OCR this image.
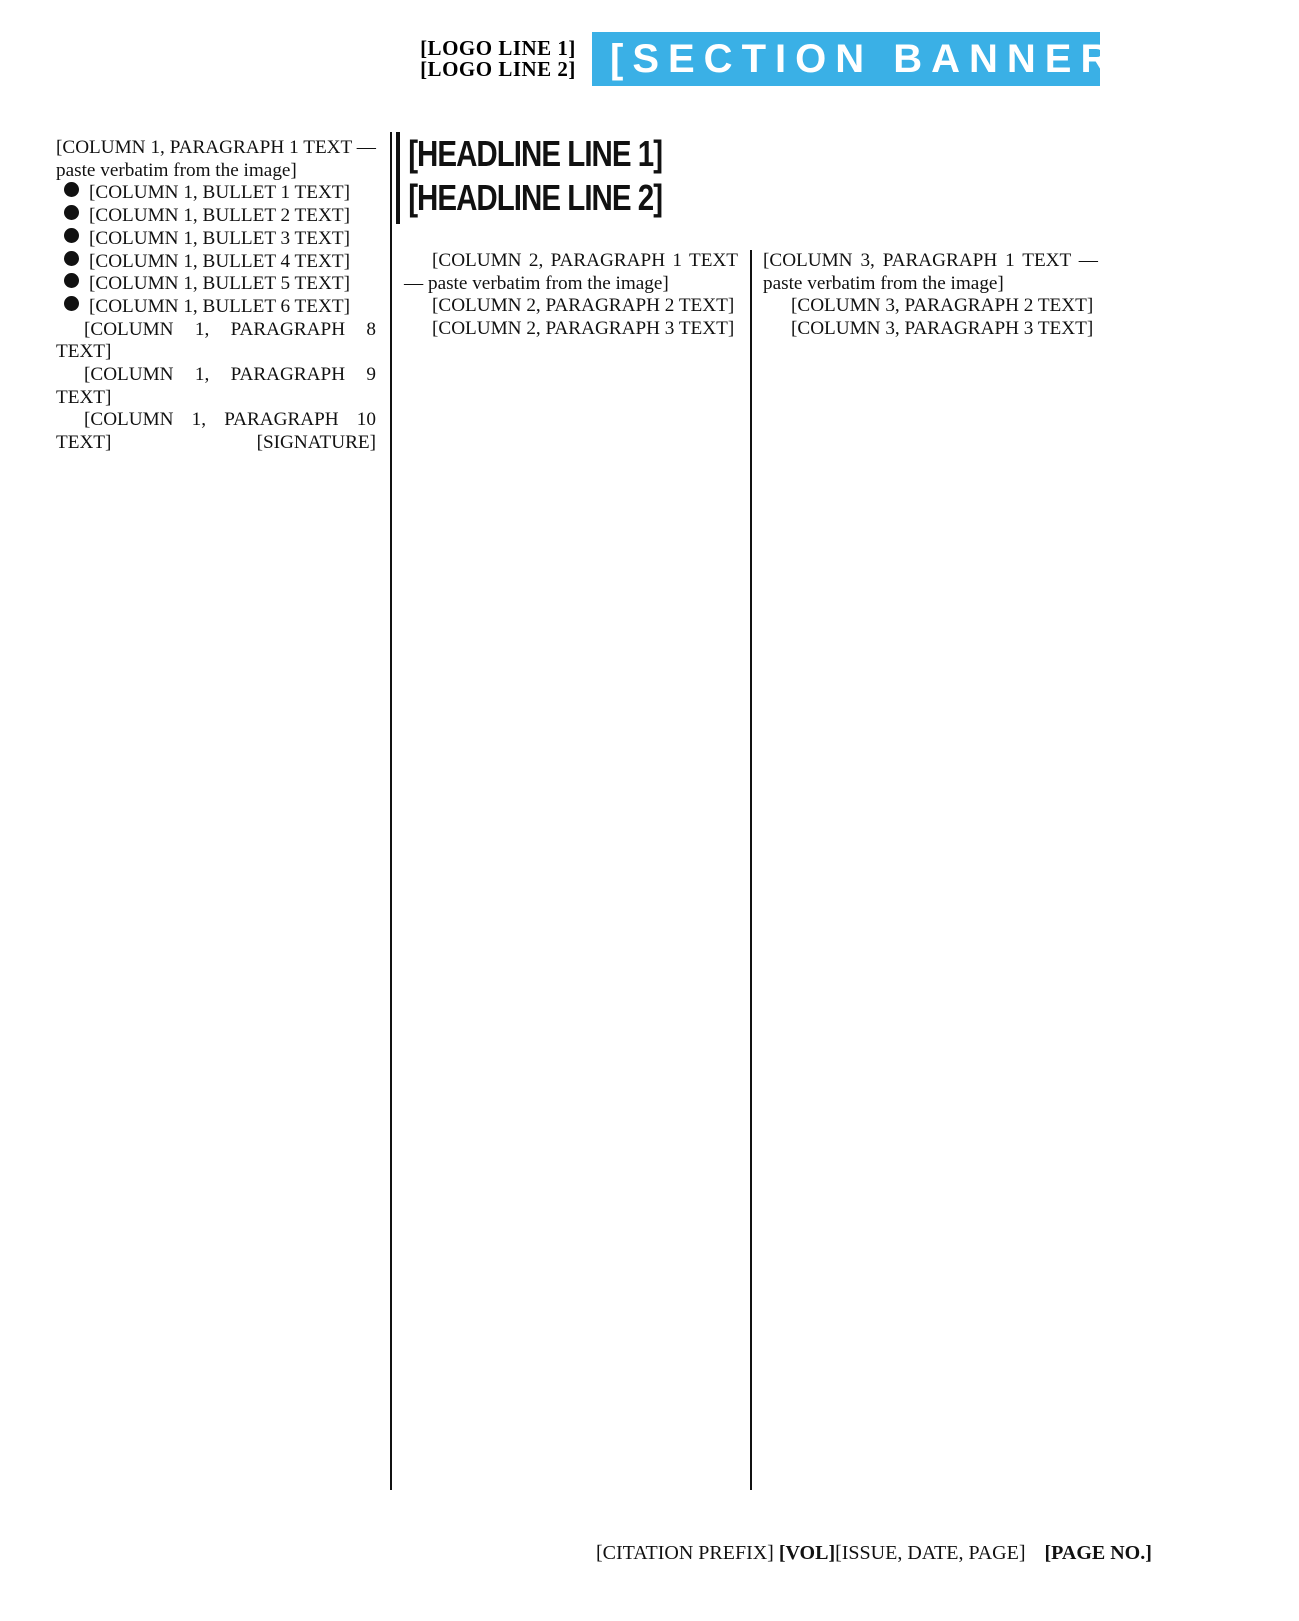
[LOGO LINE 1]
[LOGO LINE 2] [SECTION BANNER TEXT]

[COLUMN 1, PARAGRAPH 1 TEXT — paste verbatim from the image]

[COLUMN 1, BULLET 1 TEXT]

[COLUMN 1, BULLET 2 TEXT]

[COLUMN 1, BULLET 3 TEXT]

[COLUMN 1, BULLET 4 TEXT]

[COLUMN 1, BULLET 5 TEXT]

[COLUMN 1, BULLET 6 TEXT]

[COLUMN 1, PARAGRAPH 8 TEXT]

[COLUMN 1, PARAGRAPH 9 TEXT]

[COLUMN 1, PARAGRAPH 10 TEXT]	[SIGNATURE]

[HEADLINE LINE 1]
[HEADLINE LINE 2]

[COLUMN 2, PARAGRAPH 1 TEXT — paste verbatim from the image]

[COLUMN 2, PARAGRAPH 2 TEXT]

[COLUMN 2, PARAGRAPH 3 TEXT]

[COLUMN 3, PARAGRAPH 1 TEXT — paste verbatim from the image]

[COLUMN 3, PARAGRAPH 2 TEXT]

[COLUMN 3, PARAGRAPH 3 TEXT]

[CITATION PREFIX] [VOL][ISSUE, DATE, PAGE] [PAGE NO.]
